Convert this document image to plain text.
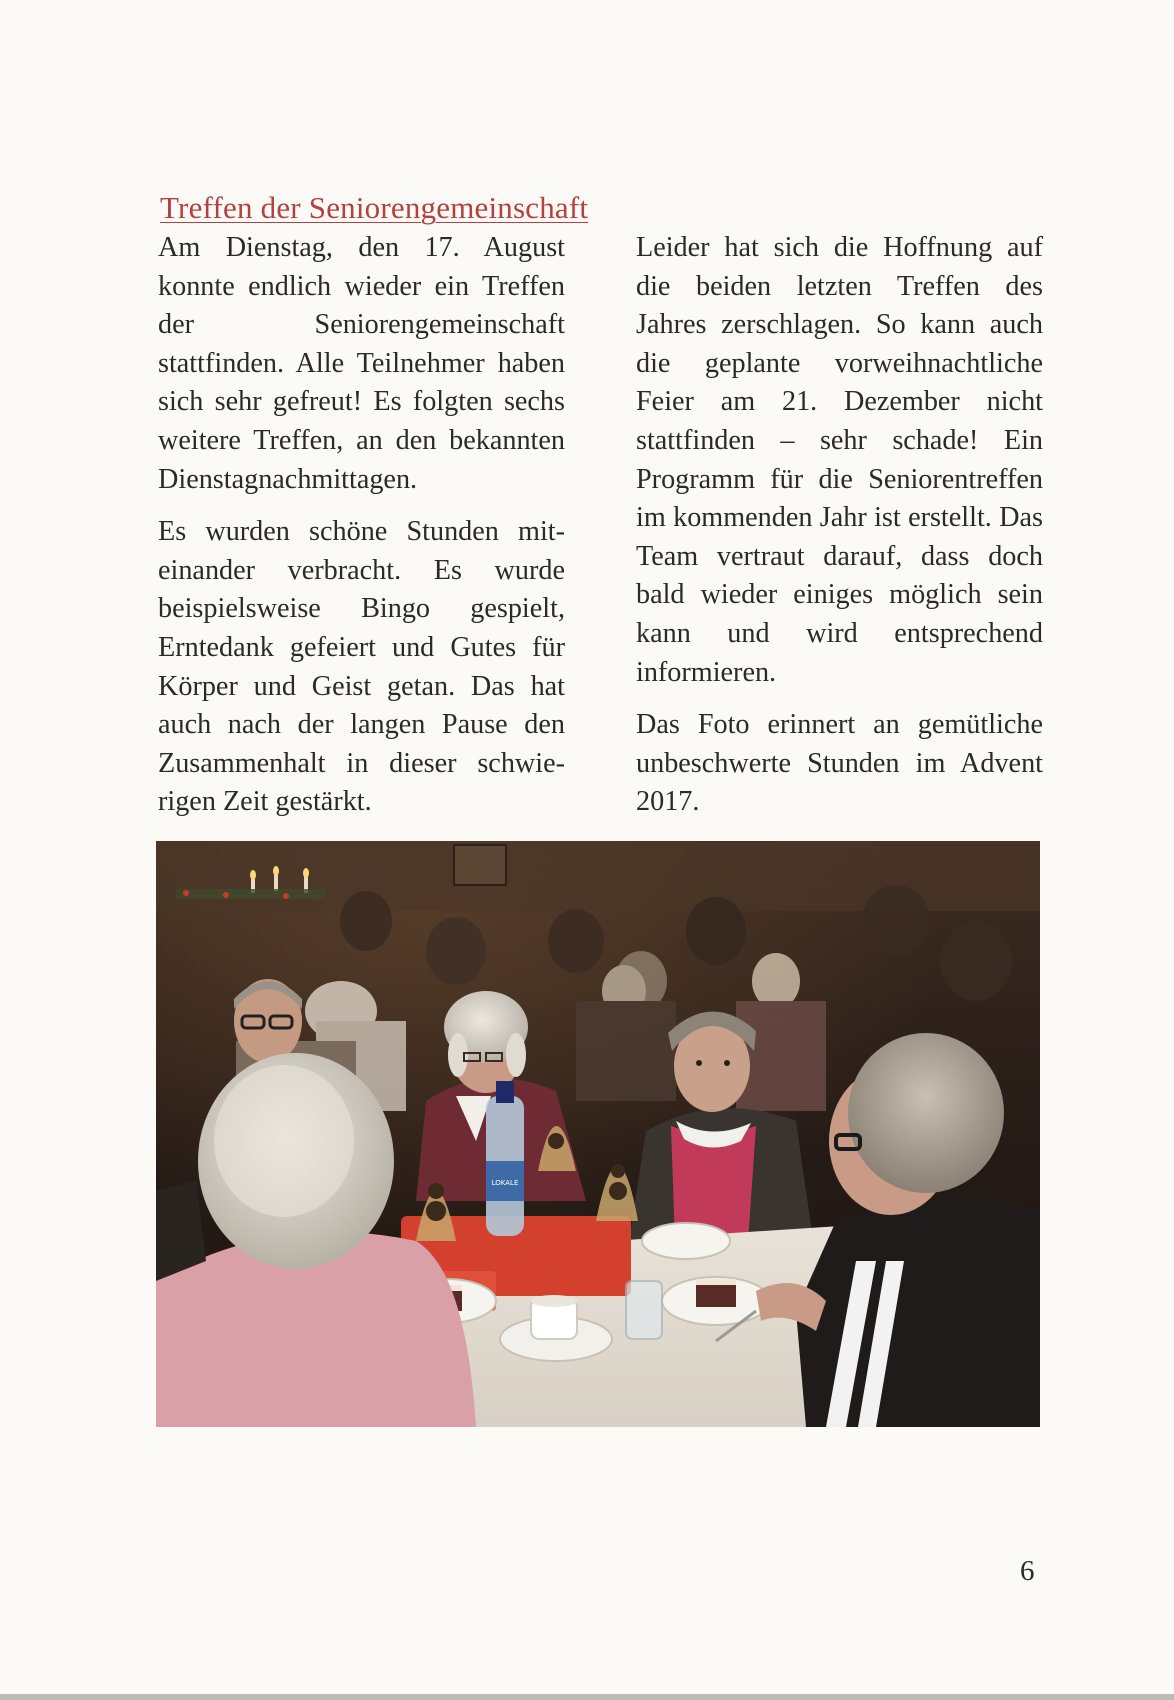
Treffen der Seniorengemeinschaft

Am Dienstag, den 17. August konnte endlich wieder ein Treffen der Seniorengemeinschaft stattfinden. Alle Teilnehmer haben sich sehr gefreut! Es folgten sechs weitere Treffen, an den bekannten Dienstagnachmittagen.

Es wurden schöne Stunden miteinander verbracht. Es wurde beispielsweise Bingo gespielt, Erntedank gefeiert und Gutes für Körper und Geist getan. Das hat auch nach der langen Pause den Zusammenhalt in dieser schwierigen Zeit gestärkt.

Leider hat sich die Hoffnung auf die beiden letzten Treffen des Jahres zerschlagen. So kann auch die geplante vorweihnachtliche Feier am 21. Dezember nicht stattfinden – sehr schade! Ein Programm für die Seniorentreffen im kommenden Jahr ist erstellt. Das Team vertraut darauf, dass doch bald wieder einiges möglich sein kann und wird entsprechend informieren.

Das Foto erinnert an gemütliche unbeschwerte Stunden im Advent 2017.

LOKALE
6
